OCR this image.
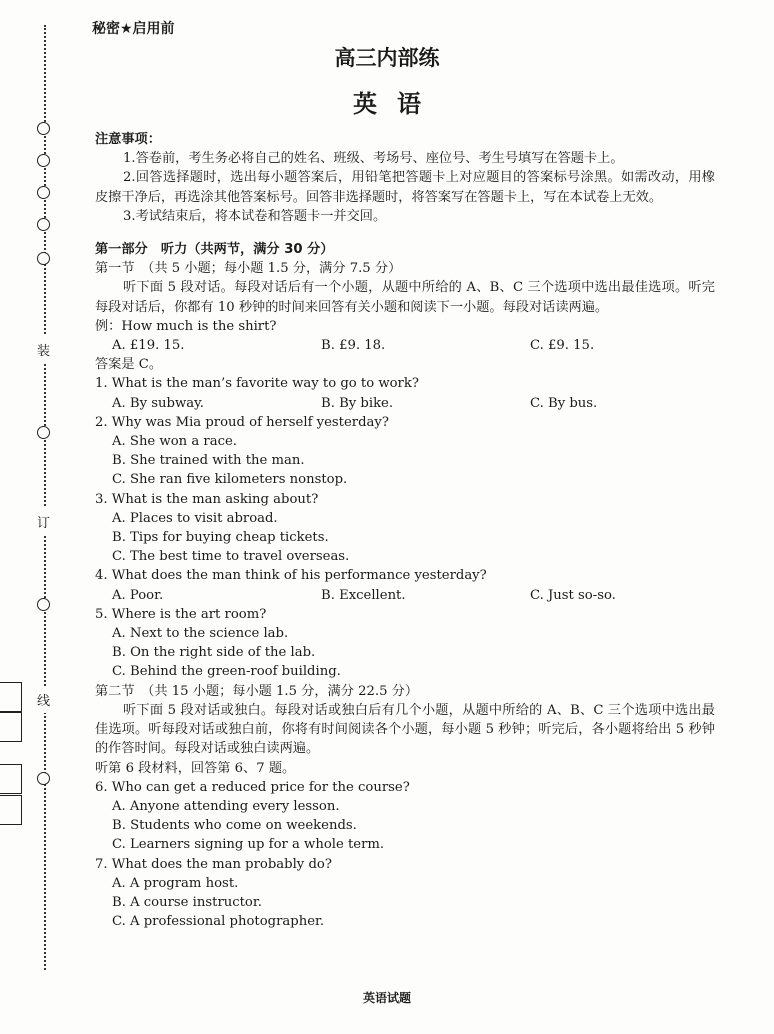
装
订
线
秘密★启用前
高三内部练
英语

注意事项：

1.答卷前，考生务必将自己的姓名、班级、考场号、座位号、考生号填写在答题卡上。

2.回答选择题时，选出每小题答案后，用铅笔把答题卡上对应题目的答案标号涂黑。如需改动，用橡皮擦干净后，再选涂其他答案标号。回答非选择题时，将答案写在答题卡上，写在本试卷上无效。

3.考试结束后，将本试卷和答题卡一并交回。

第一部分　听力（共两节，满分 30 分）

第一节　（共 5 小题；每小题 1.5 分，满分 7.5 分）

听下面 5 段对话。每段对话后有一个小题，从题中所给的 A、B、C 三个选项中选出最佳选项。听完每段对话后，你都有 10 秒钟的时间来回答有关小题和阅读下一小题。每段对话读两遍。

例：How much is the shirt?

A. £19. 15.	B. £9. 18.	C. £9. 15.

答案是 C。

1. What is the man’s favorite way to go to work?

A. By subway.	B. By bike.	C. By bus.

2. Why was Mia proud of herself yesterday?

A. She won a race.

B. She trained with the man.

C. She ran five kilometers nonstop.

3. What is the man asking about?

A. Places to visit abroad.

B. Tips for buying cheap tickets.

C. The best time to travel overseas.

4. What does the man think of his performance yesterday?

A. Poor.	B. Excellent.	C. Just so-so.

5. Where is the art room?

A. Next to the science lab.

B. On the right side of the lab.

C. Behind the green-roof building.

第二节　（共 15 小题；每小题 1.5 分，满分 22.5 分）

听下面 5 段对话或独白。每段对话或独白后有几个小题，从题中所给的 A、B、C 三个选项中选出最佳选项。听每段对话或独白前，你将有时间阅读各个小题，每小题 5 秒钟；听完后，各小题将给出 5 秒钟的作答时间。每段对话或独白读两遍。

听第 6 段材料，回答第 6、7 题。

6. Who can get a reduced price for the course?

A. Anyone attending every lesson.

B. Students who come on weekends.

C. Learners signing up for a whole term.

7. What does the man probably do?

A. A program host.

B. A course instructor.

C. A professional photographer.

英语试题
